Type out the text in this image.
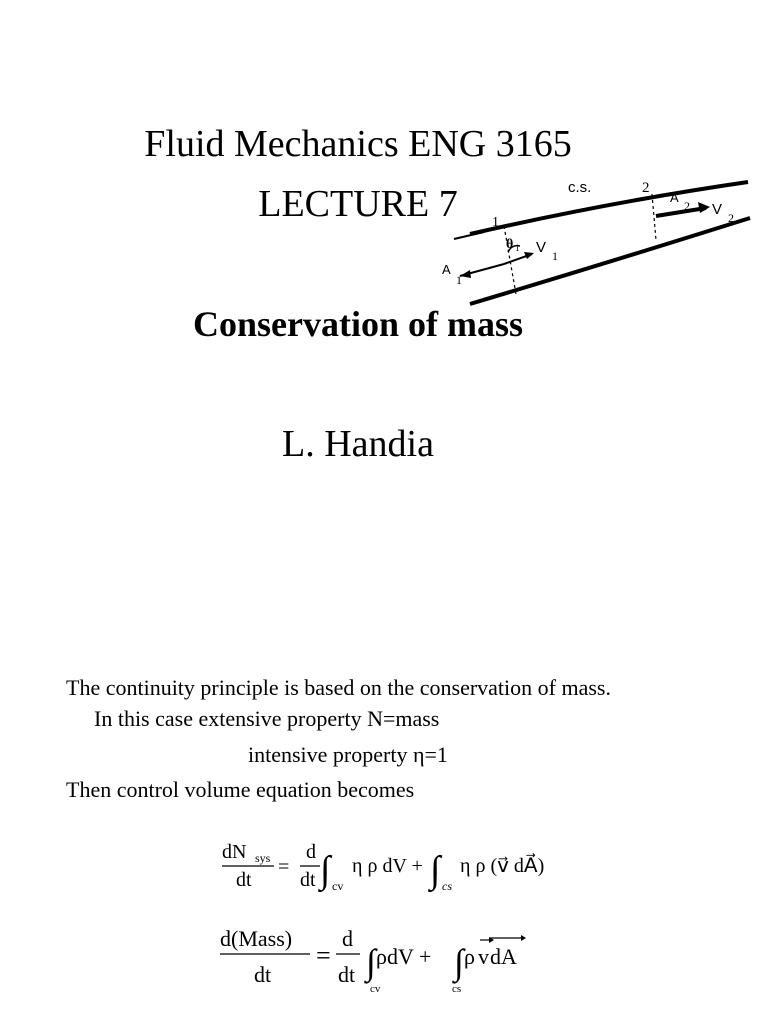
Fluid Mechanics ENG 3165
LECTURE 7
Conservation of mass
L. Handia
c.s.	2
1
θ 1 V 1
A
1
A
2 V 2
The continuity principle is based on the conservation of mass.
In this case extensive property N=mass
intensive property η=1
Then control volume equation becomes
dN sys
dt
=
d
dt ∫ cv
η ρ dV + ∫ cs
η ρ (v⃗ dA⃗)
d(Mass)
dt
=
d
dt ∫ ρdV +
cv
∫ ρ v dA
cs
